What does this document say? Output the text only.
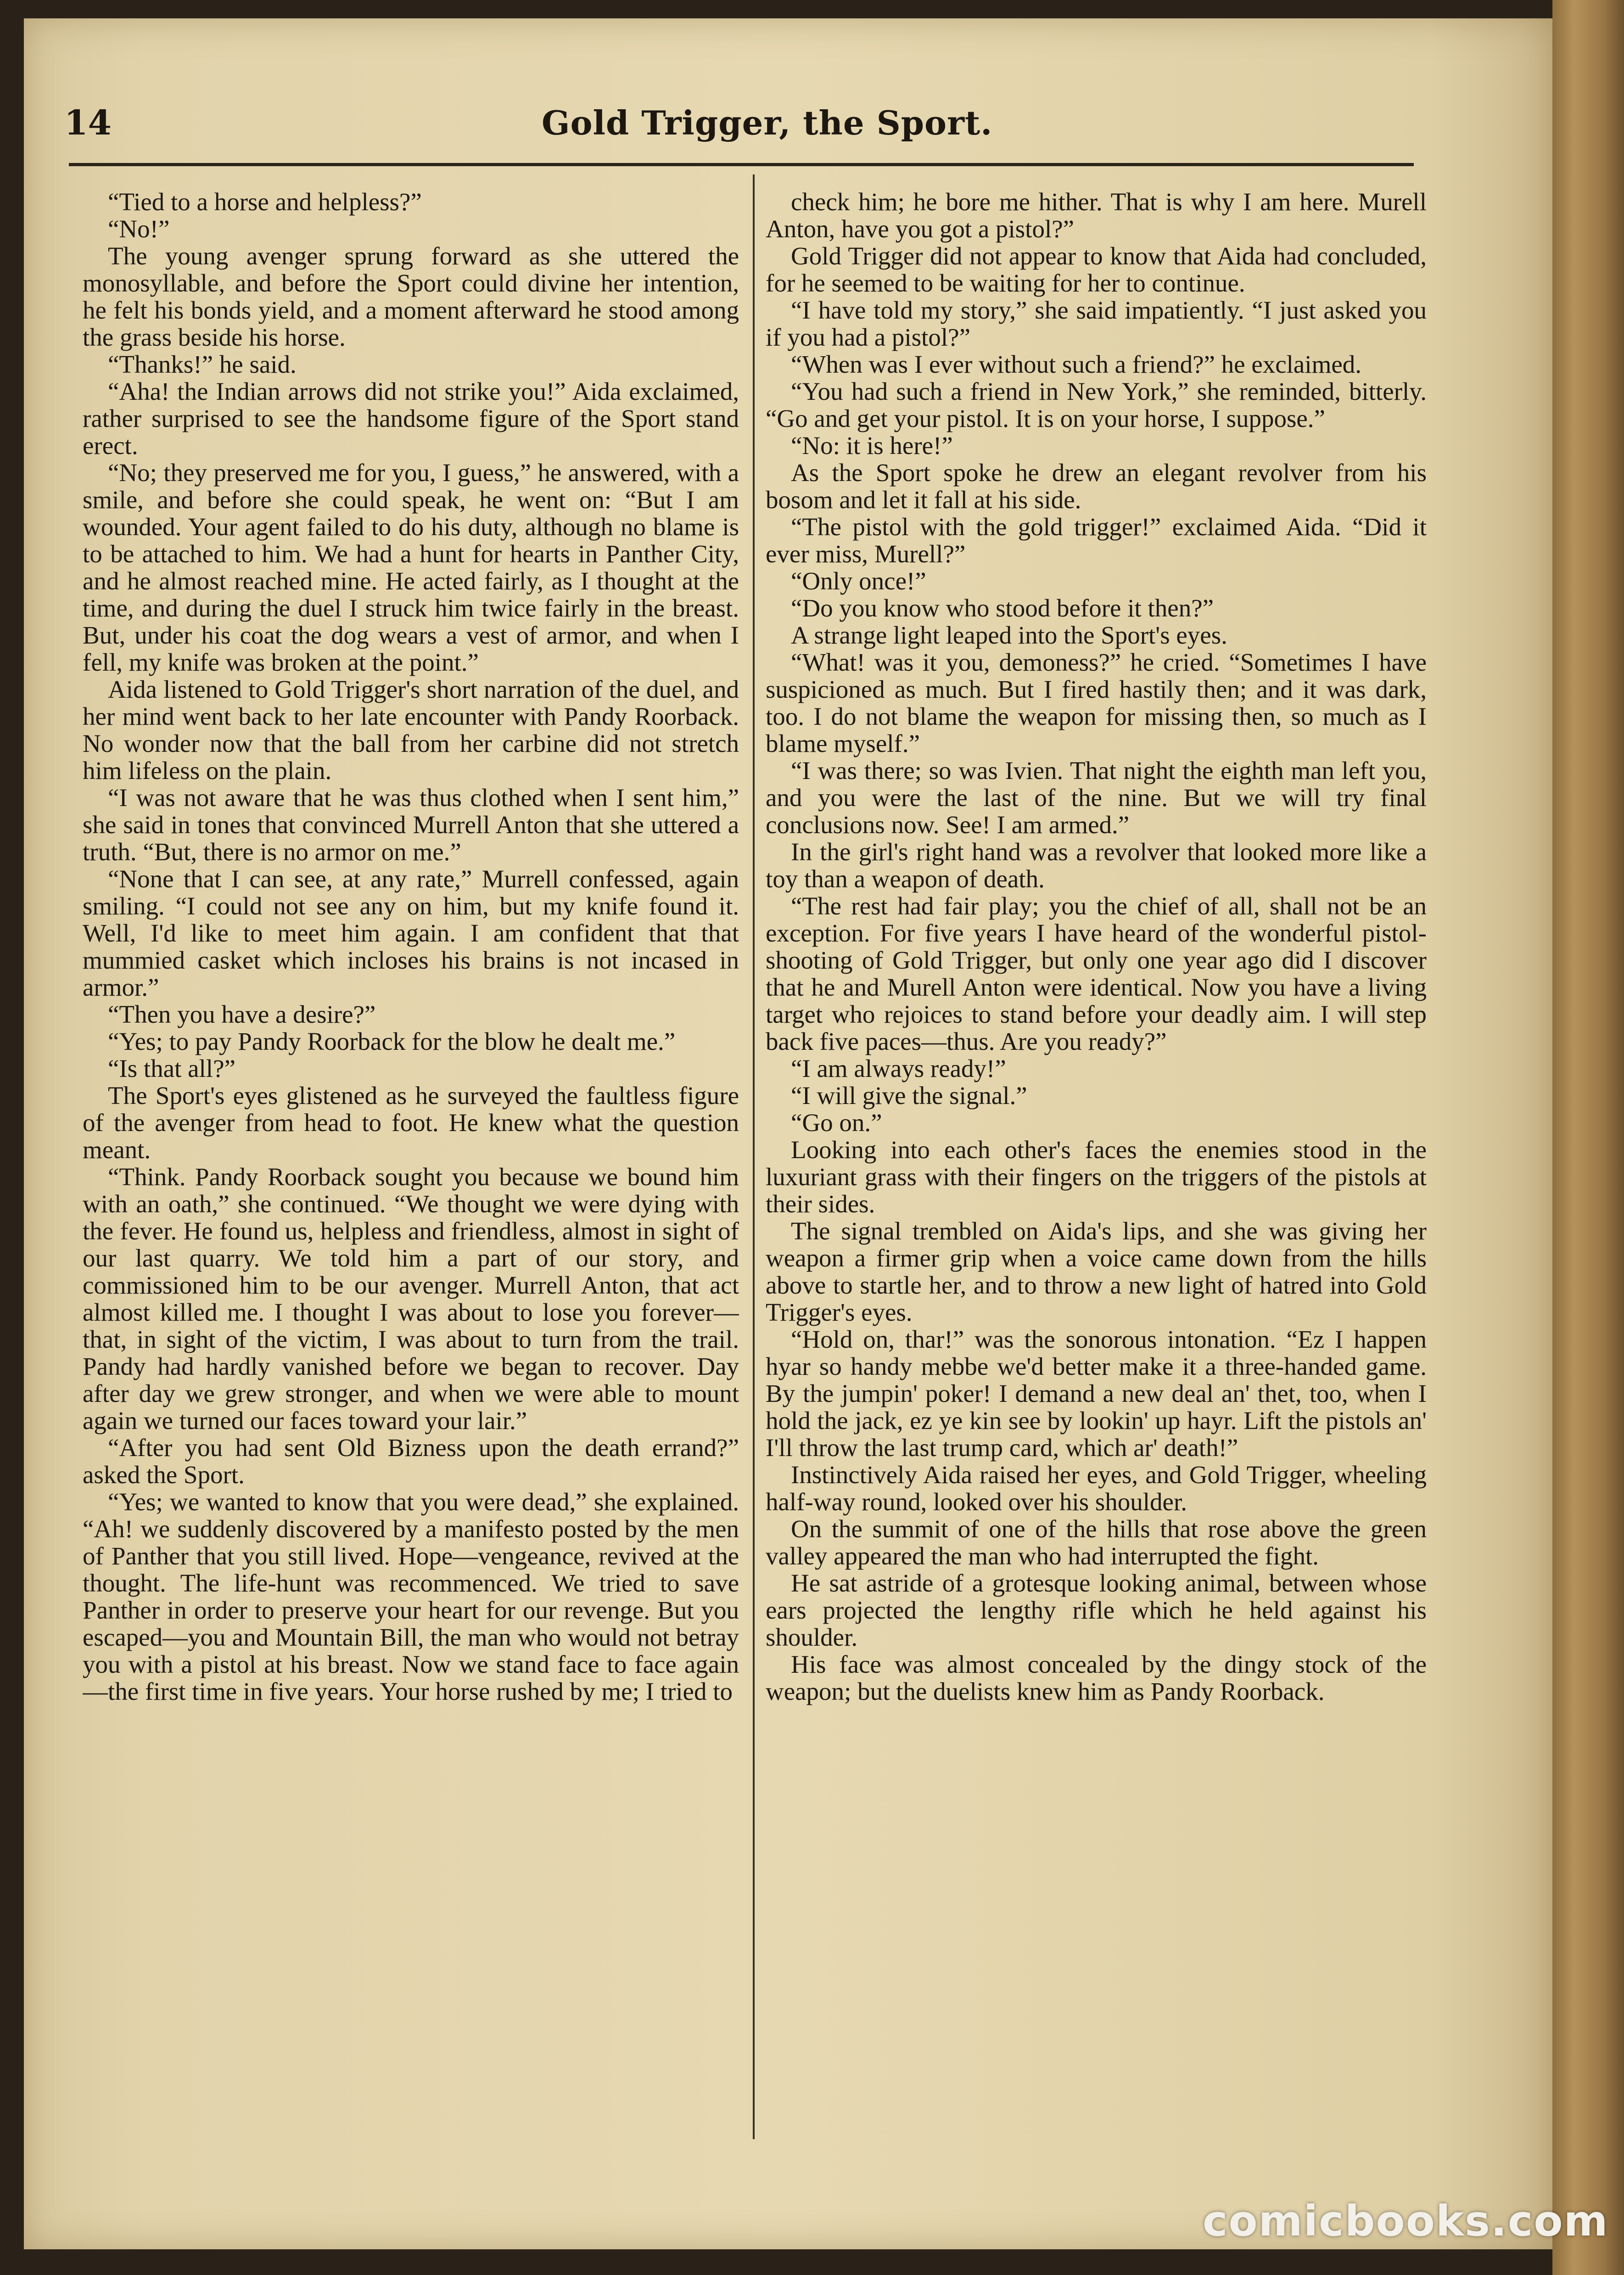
14	Gold Trigger, the Sport.

“Tied to a horse and helpless?”

“No!”

The young avenger sprung forward as she uttered the monosyllable, and before the Sport could divine her intention, he felt his bonds yield, and a moment afterward he stood among the grass beside his horse.

“Thanks!” he said.

“Aha! the Indian arrows did not strike you!” Aida exclaimed, rather surprised to see the handsome figure of the Sport stand erect.

“No; they preserved me for you, I guess,” he answered, with a smile, and before she could speak, he went on: “But I am wounded. Your agent failed to do his duty, although no blame is to be attached to him. We had a hunt for hearts in Panther City, and he almost reached mine. He acted fairly, as I thought at the time, and during the duel I struck him twice fairly in the breast. But, under his coat the dog wears a vest of armor, and when I fell, my knife was broken at the point.”

Aida listened to Gold Trigger's short narration of the duel, and her mind went back to her late encounter with Pandy Roorback. No wonder now that the ball from her carbine did not stretch him lifeless on the plain.

“I was not aware that he was thus clothed when I sent him,” she said in tones that convinced Murrell Anton that she uttered a truth. “But, there is no armor on me.”

“None that I can see, at any rate,” Murrell confessed, again smiling. “I could not see any on him, but my knife found it. Well, I'd like to meet him again. I am confident that that mummied casket which incloses his brains is not incased in armor.”

“Then you have a desire?”

“Yes; to pay Pandy Roorback for the blow he dealt me.”

“Is that all?”

The Sport's eyes glistened as he surveyed the faultless figure of the avenger from head to foot. He knew what the question meant.

“Think. Pandy Roorback sought you because we bound him with an oath,” she continued. “We thought we were dying with the fever. He found us, helpless and friendless, almost in sight of our last quarry. We told him a part of our story, and commissioned him to be our avenger. Murrell Anton, that act almost killed me. I thought I was about to lose you forever—that, in sight of the victim, I was about to turn from the trail. Pandy had hardly vanished before we began to recover. Day after day we grew stronger, and when we were able to mount again we turned our faces toward your lair.”

“After you had sent Old Bizness upon the death errand?” asked the Sport.

“Yes; we wanted to know that you were dead,” she explained. “Ah! we suddenly discovered by a manifesto posted by the men of Panther that you still lived. Hope—vengeance, revived at the thought. The life-hunt was recommenced. We tried to save Panther in order to preserve your heart for our revenge. But you escaped—you and Mountain Bill, the man who would not betray you with a pistol at his breast. Now we stand face to face again—the first time in five years. Your horse rushed by me; I tried to

check him; he bore me hither. That is why I am here. Murell Anton, have you got a pistol?”

Gold Trigger did not appear to know that Aida had concluded, for he seemed to be waiting for her to continue.

“I have told my story,” she said impatiently. “I just asked you if you had a pistol?”

“When was I ever without such a friend?” he exclaimed.

“You had such a friend in New York,” she reminded, bitterly. “Go and get your pistol. It is on your horse, I suppose.”

“No: it is here!”

As the Sport spoke he drew an elegant revolver from his bosom and let it fall at his side.

“The pistol with the gold trigger!” exclaimed Aida. “Did it ever miss, Murell?”

“Only once!”

“Do you know who stood before it then?”

A strange light leaped into the Sport's eyes.

“What! was it you, demoness?” he cried. “Sometimes I have suspicioned as much. But I fired hastily then; and it was dark, too. I do not blame the weapon for missing then, so much as I blame myself.”

“I was there; so was Ivien. That night the eighth man left you, and you were the last of the nine. But we will try final conclusions now. See! I am armed.”

In the girl's right hand was a revolver that looked more like a toy than a weapon of death.

“The rest had fair play; you the chief of all, shall not be an exception. For five years I have heard of the wonderful pistol-shooting of Gold Trigger, but only one year ago did I discover that he and Murell Anton were identical. Now you have a living target who rejoices to stand before your deadly aim. I will step back five paces—thus. Are you ready?”

“I am always ready!”

“I will give the signal.”

“Go on.”

Looking into each other's faces the enemies stood in the luxuriant grass with their fingers on the triggers of the pistols at their sides.

The signal trembled on Aida's lips, and she was giving her weapon a firmer grip when a voice came down from the hills above to startle her, and to throw a new light of hatred into Gold Trigger's eyes.

“Hold on, thar!” was the sonorous intonation. “Ez I happen hyar so handy mebbe we'd better make it a three-handed game. By the jumpin' poker! I demand a new deal an' thet, too, when I hold the jack, ez ye kin see by lookin' up hayr. Lift the pistols an' I'll throw the last trump card, which ar' death!”

Instinctively Aida raised her eyes, and Gold Trigger, wheeling half-way round, looked over his shoulder.

On the summit of one of the hills that rose above the green valley appeared the man who had interrupted the fight.

He sat astride of a grotesque looking animal, between whose ears projected the lengthy rifle which he held against his shoulder.

His face was almost concealed by the dingy stock of the weapon; but the duelists knew him as Pandy Roorback.

comicbooks.com
